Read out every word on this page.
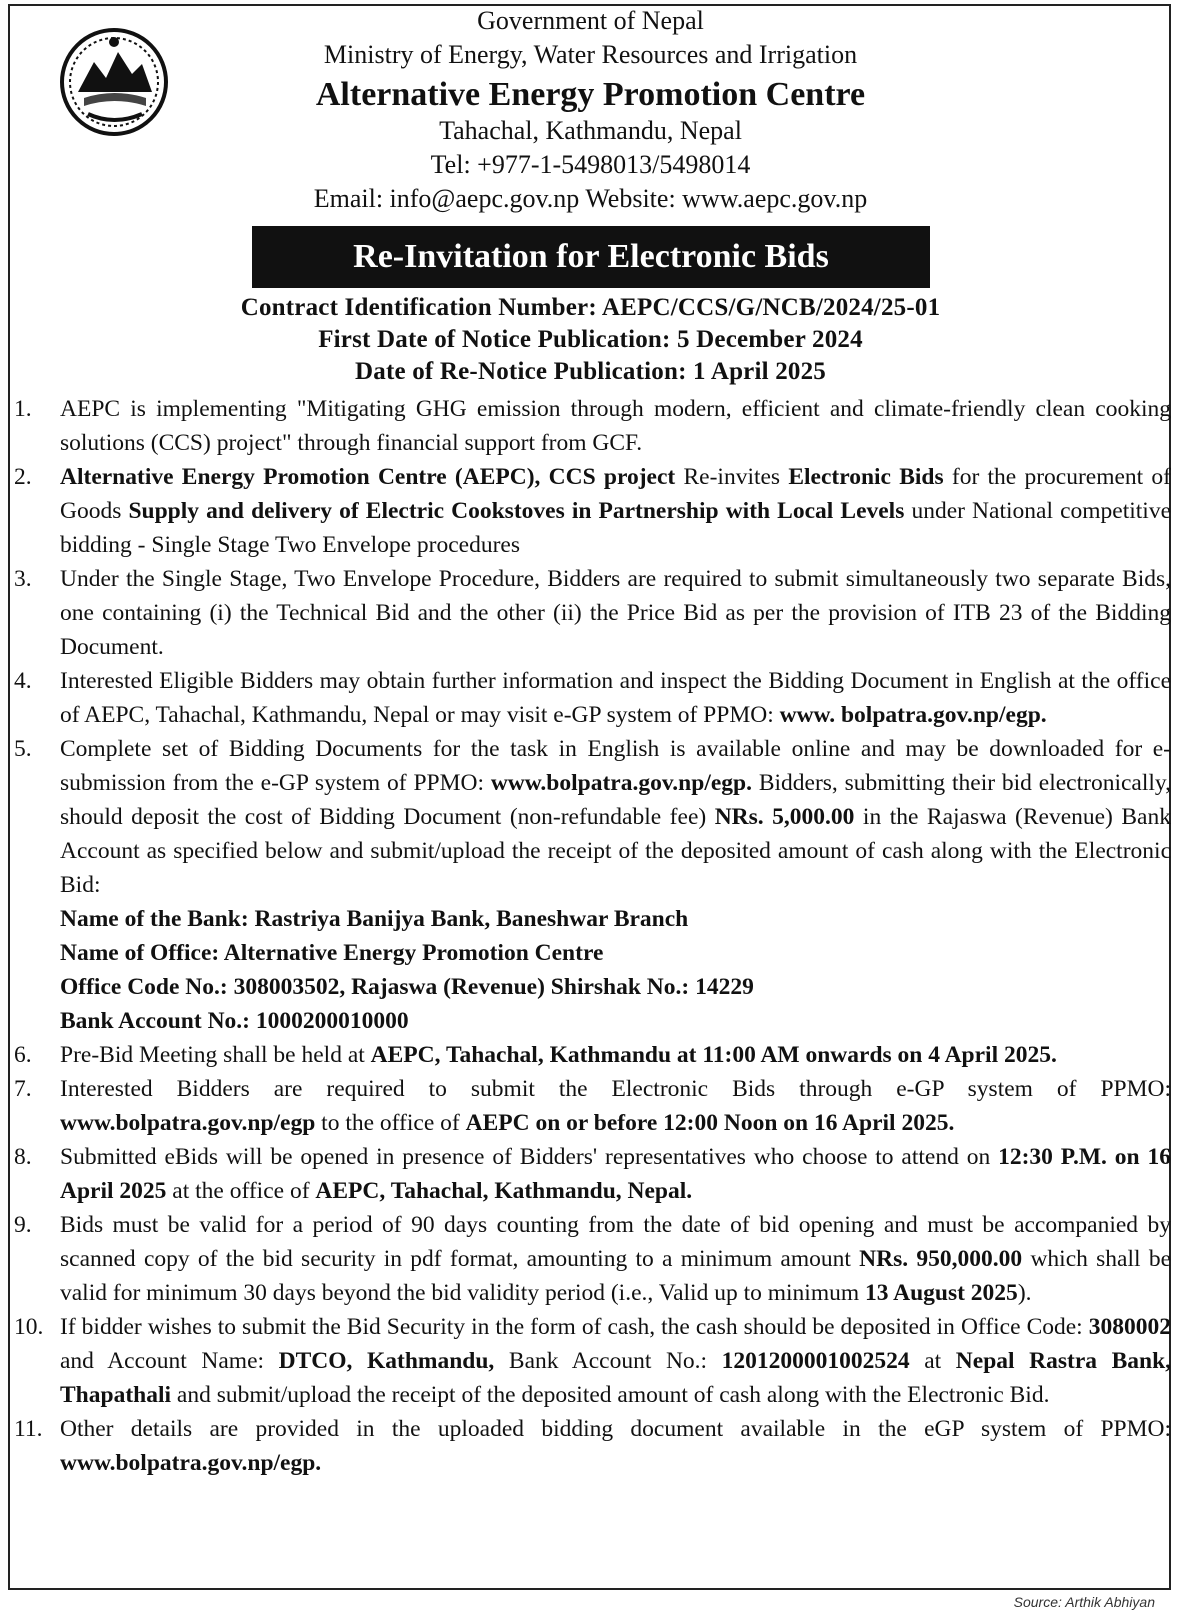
Government of Nepal
Ministry of Energy, Water Resources and Irrigation
Alternative Energy Promotion Centre
Tahachal, Kathmandu, Nepal
Tel: +977-1-5498013/5498014
Email: info@aepc.gov.np Website: www.aepc.gov.np
Re-Invitation for Electronic Bids
Contract Identification Number: AEPC/CCS/G/NCB/2024/25-01
First Date of Notice Publication: 5 December 2024
Date of Re-Notice Publication: 1 April 2025
1.	AEPC is implementing "Mitigating GHG emission through modern, efficient and climate-friendly clean cooking solutions (CCS) project" through financial support from GCF.
2.	Alternative Energy Promotion Centre (AEPC), CCS project Re-invites Electronic Bids for the procurement of Goods Supply and delivery of Electric Cookstoves in Partnership with Local Levels under National competitive bidding - Single Stage Two Envelope procedures
3.	Under the Single Stage, Two Envelope Procedure, Bidders are required to submit simultaneously two separate Bids, one containing (i) the Technical Bid and the other (ii) the Price Bid as per the provision of ITB 23 of the Bidding Document.
4.	Interested Eligible Bidders may obtain further information and inspect the Bidding Document in English at the office of AEPC, Tahachal, Kathmandu, Nepal or may visit e-GP system of PPMO: www. bolpatra.gov.np/egp.
5.	Complete set of Bidding Documents for the task in English is available online and may be downloaded for e-submission from the e-GP system of PPMO: www.bolpatra.gov.np/egp. Bidders, submitting their bid electronically, should deposit the cost of Bidding Document (non-refundable fee) NRs. 5,000.00 in the Rajaswa (Revenue) Bank Account as specified below and submit/upload the receipt of the deposited amount of cash along with the Electronic Bid:
Name of the Bank: Rastriya Banijya Bank, Baneshwar Branch
Name of Office: Alternative Energy Promotion Centre
Office Code No.: 308003502, Rajaswa (Revenue) Shirshak No.: 14229
Bank Account No.: 1000200010000
6.	Pre-Bid Meeting shall be held at AEPC, Tahachal, Kathmandu at 11:00 AM onwards on 4 April 2025.
7.	Interested Bidders are required to submit the Electronic Bids through e-GP system of PPMO: www.bolpatra.gov.np/egp to the office of AEPC on or before 12:00 Noon on 16 April 2025.
8.	Submitted eBids will be opened in presence of Bidders' representatives who choose to attend on 12:30 P.M. on 16 April 2025 at the office of AEPC, Tahachal, Kathmandu, Nepal.
9.	Bids must be valid for a period of 90 days counting from the date of bid opening and must be accompanied by scanned copy of the bid security in pdf format, amounting to a minimum amount NRs. 950,000.00 which shall be valid for minimum 30 days beyond the bid validity period (i.e., Valid up to minimum 13 August 2025).
10. If bidder wishes to submit the Bid Security in the form of cash, the cash should be deposited in Office Code: 3080002 and Account Name: DTCO, Kathmandu, Bank Account No.: 1201200001002524 at Nepal Rastra Bank, Thapathali and submit/upload the receipt of the deposited amount of cash along with the Electronic Bid.
11. Other details are provided in the uploaded bidding document available in the eGP system of PPMO: www.bolpatra.gov.np/egp.
Source: Arthik Abhiyan
